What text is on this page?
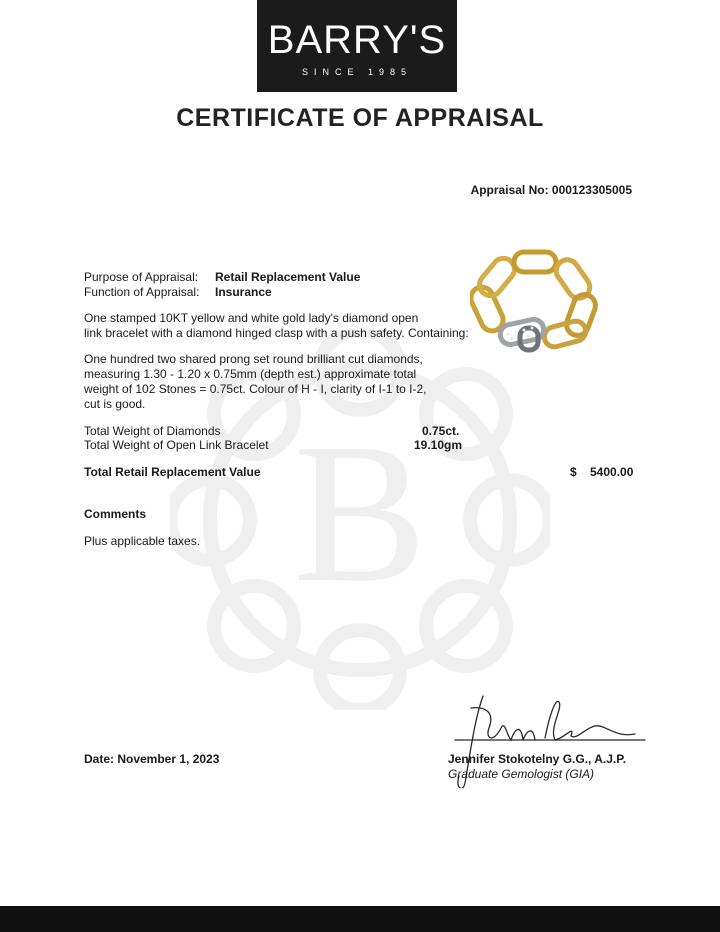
BARRY'S
SINCE 1985
CERTIFICATE OF APPRAISAL
Appraisal No: 000123305005
B
Purpose of Appraisal: Retail Replacement Value
Function of Appraisal: Insurance
One stamped 10KT yellow and white gold lady's diamond open
link bracelet with a diamond hinged clasp with a push safety. Containing:
One hundred two shared prong set round brilliant cut diamonds,
measuring 1.30 - 1.20 x 0.75mm (depth est.) approximate total
weight of 102 Stones = 0.75ct. Colour of H - I, clarity of I-1 to I-2,
cut is good.
Total Weight of Diamonds	0.75ct.
Total Weight of Open Link Bracelet	19.10gm
Total Retail Replacement Value	$ 5400.00
Comments
Plus applicable taxes.
Date: November 1, 2023	Jennifer Stokotelny G.G., A.J.P.
Graduate Gemologist (GIA)
